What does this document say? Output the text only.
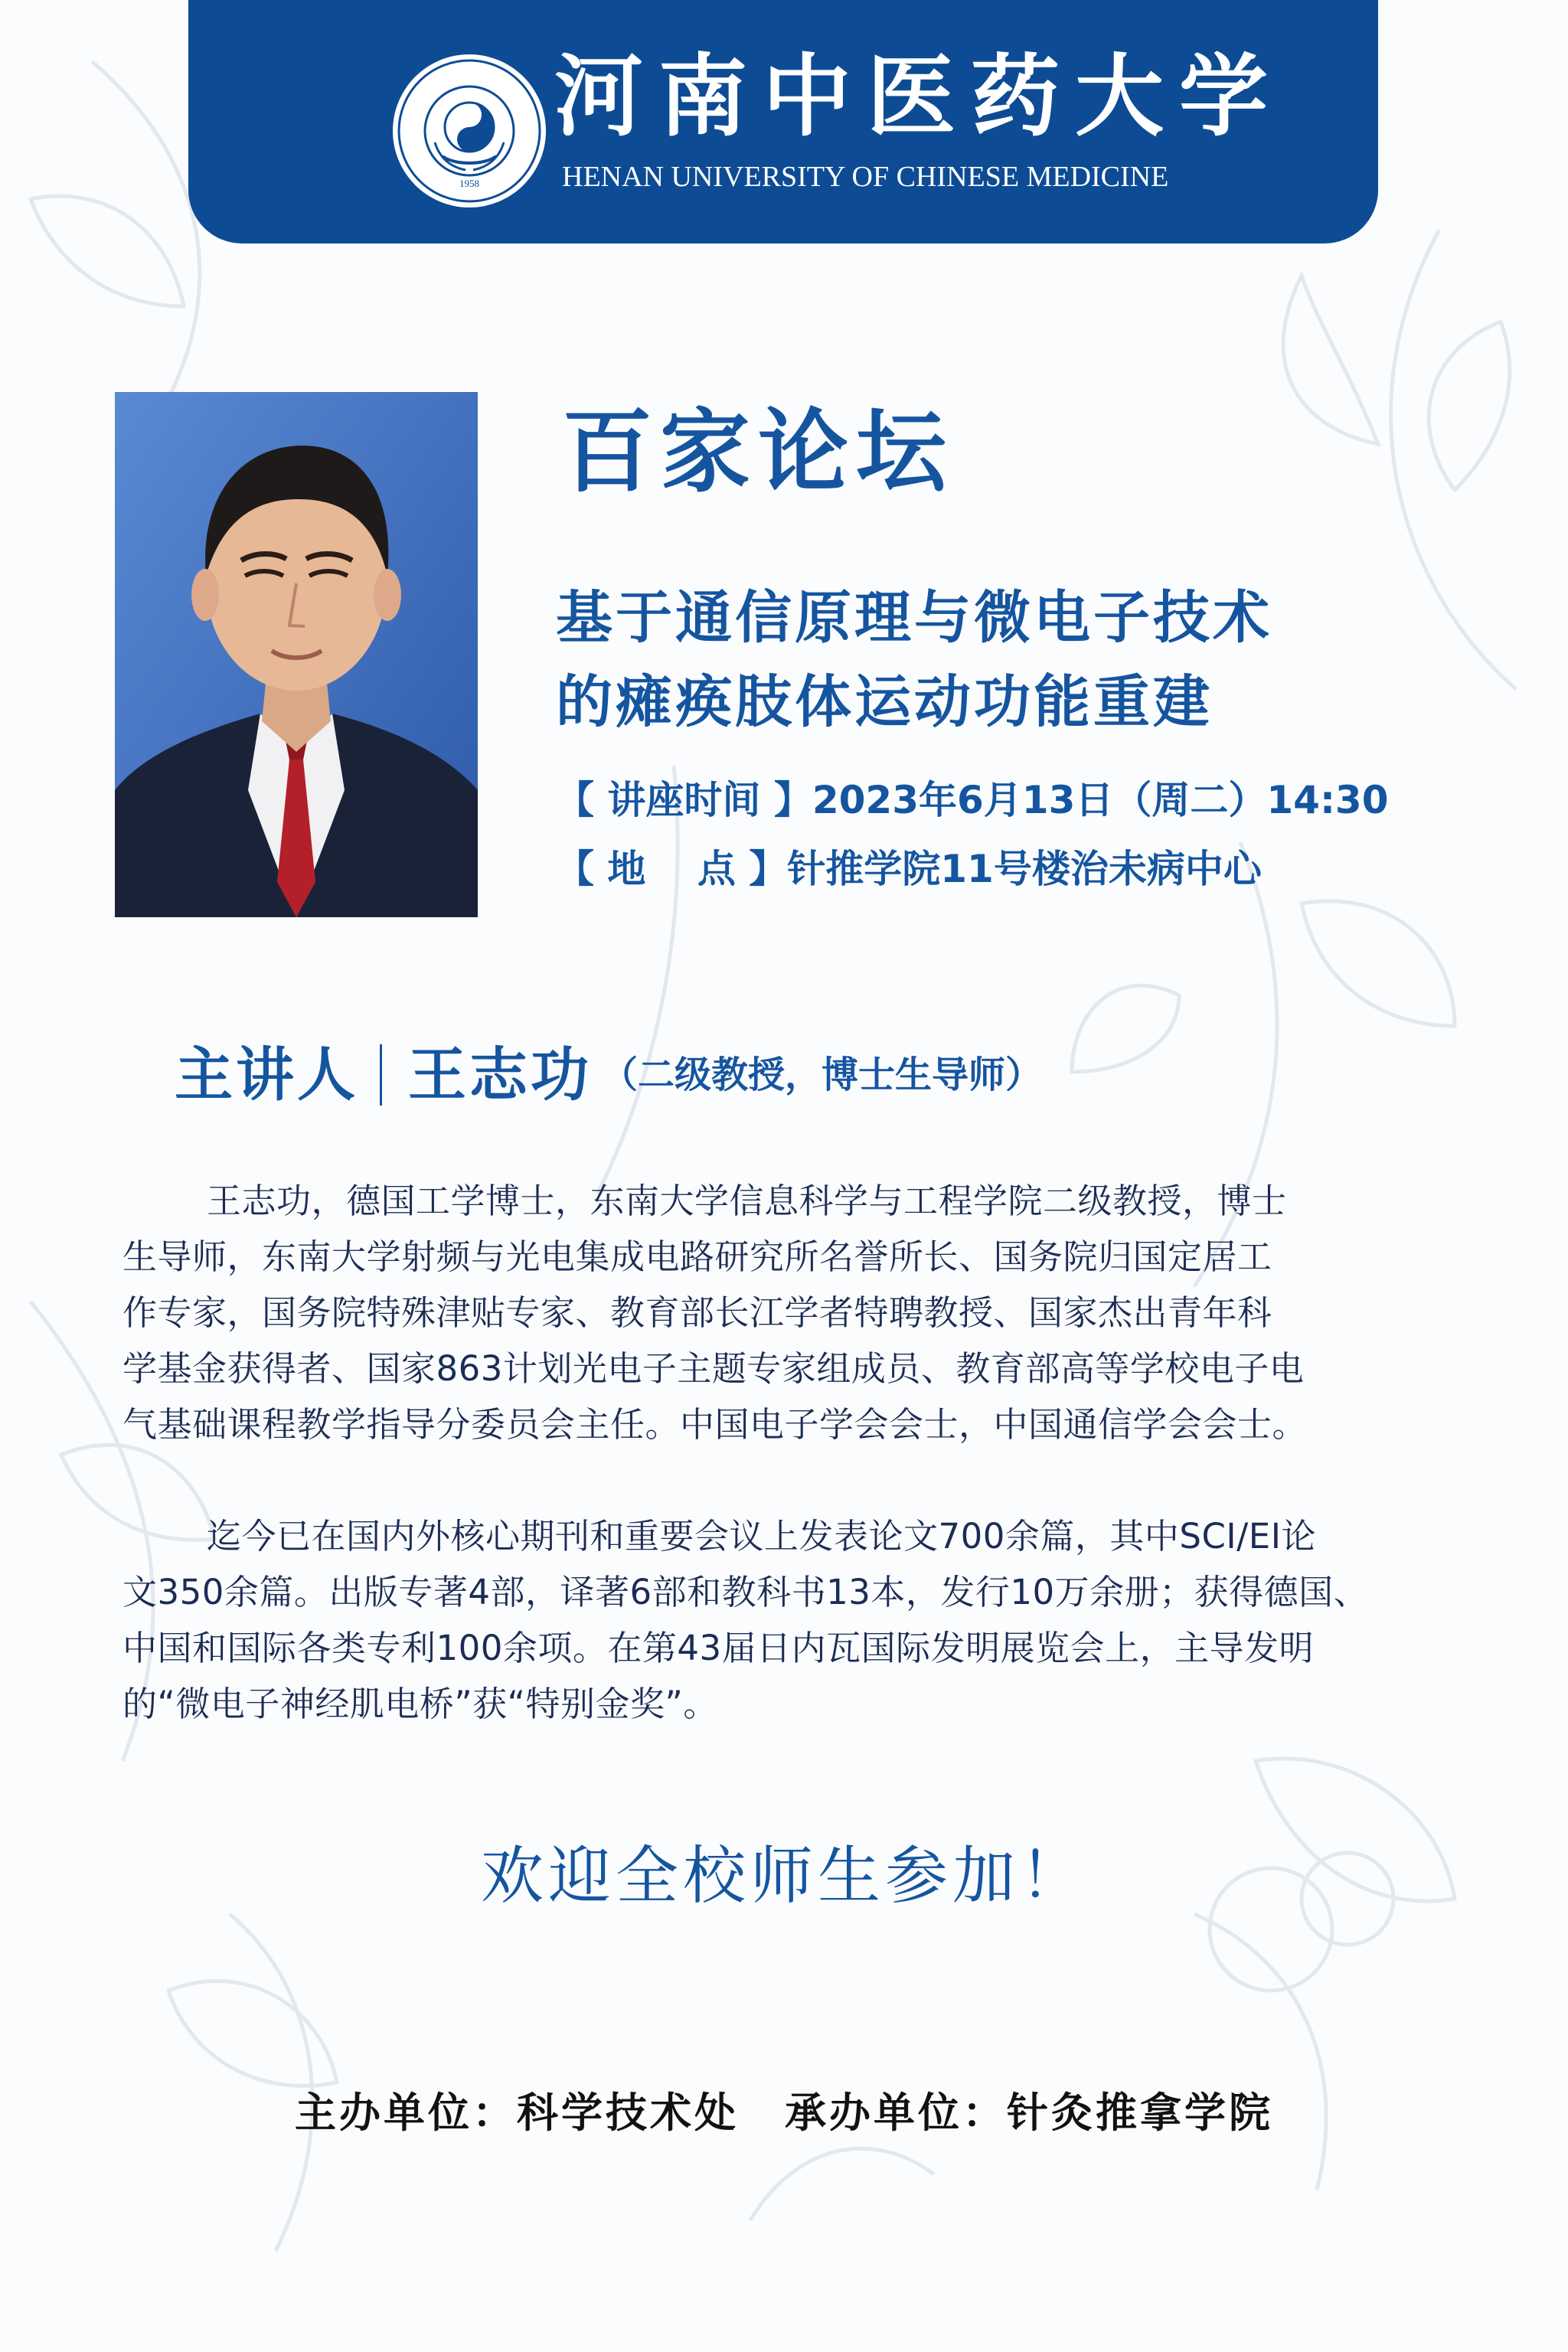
1958
河南中医药大学
HENAN UNIVERSITY OF CHINESE MEDICINE
百家论坛
基于通信原理与微电子技术
的瘫痪肢体运动功能重建
【 讲座时间 】2023年6月13日（周二）14:30
【 地　 点 】针推学院11号楼治未病中心
主讲人 王志功 （二级教授，博士生导师）
王志功，德国工学博士，东南大学信息科学与工程学院二级教授，博士
生导师，东南大学射频与光电集成电路研究所名誉所长、国务院归国定居工
作专家，国务院特殊津贴专家、教育部长江学者特聘教授、国家杰出青年科
学基金获得者、国家863计划光电子主题专家组成员、教育部高等学校电子电
气基础课程教学指导分委员会主任。中国电子学会会士，中国通信学会会士。
迄今已在国内外核心期刊和重要会议上发表论文700余篇，其中SCI/EI论
文350余篇。出版专著4部，译著6部和教科书13本，发行10万余册；获得德国、
中国和国际各类专利100余项。在第43届日内瓦国际发明展览会上，主导发明
的“微电子神经肌电桥”获“特别金奖”。
欢迎全校师生参加！
主办单位：科学技术处 承办单位：针灸推拿学院
